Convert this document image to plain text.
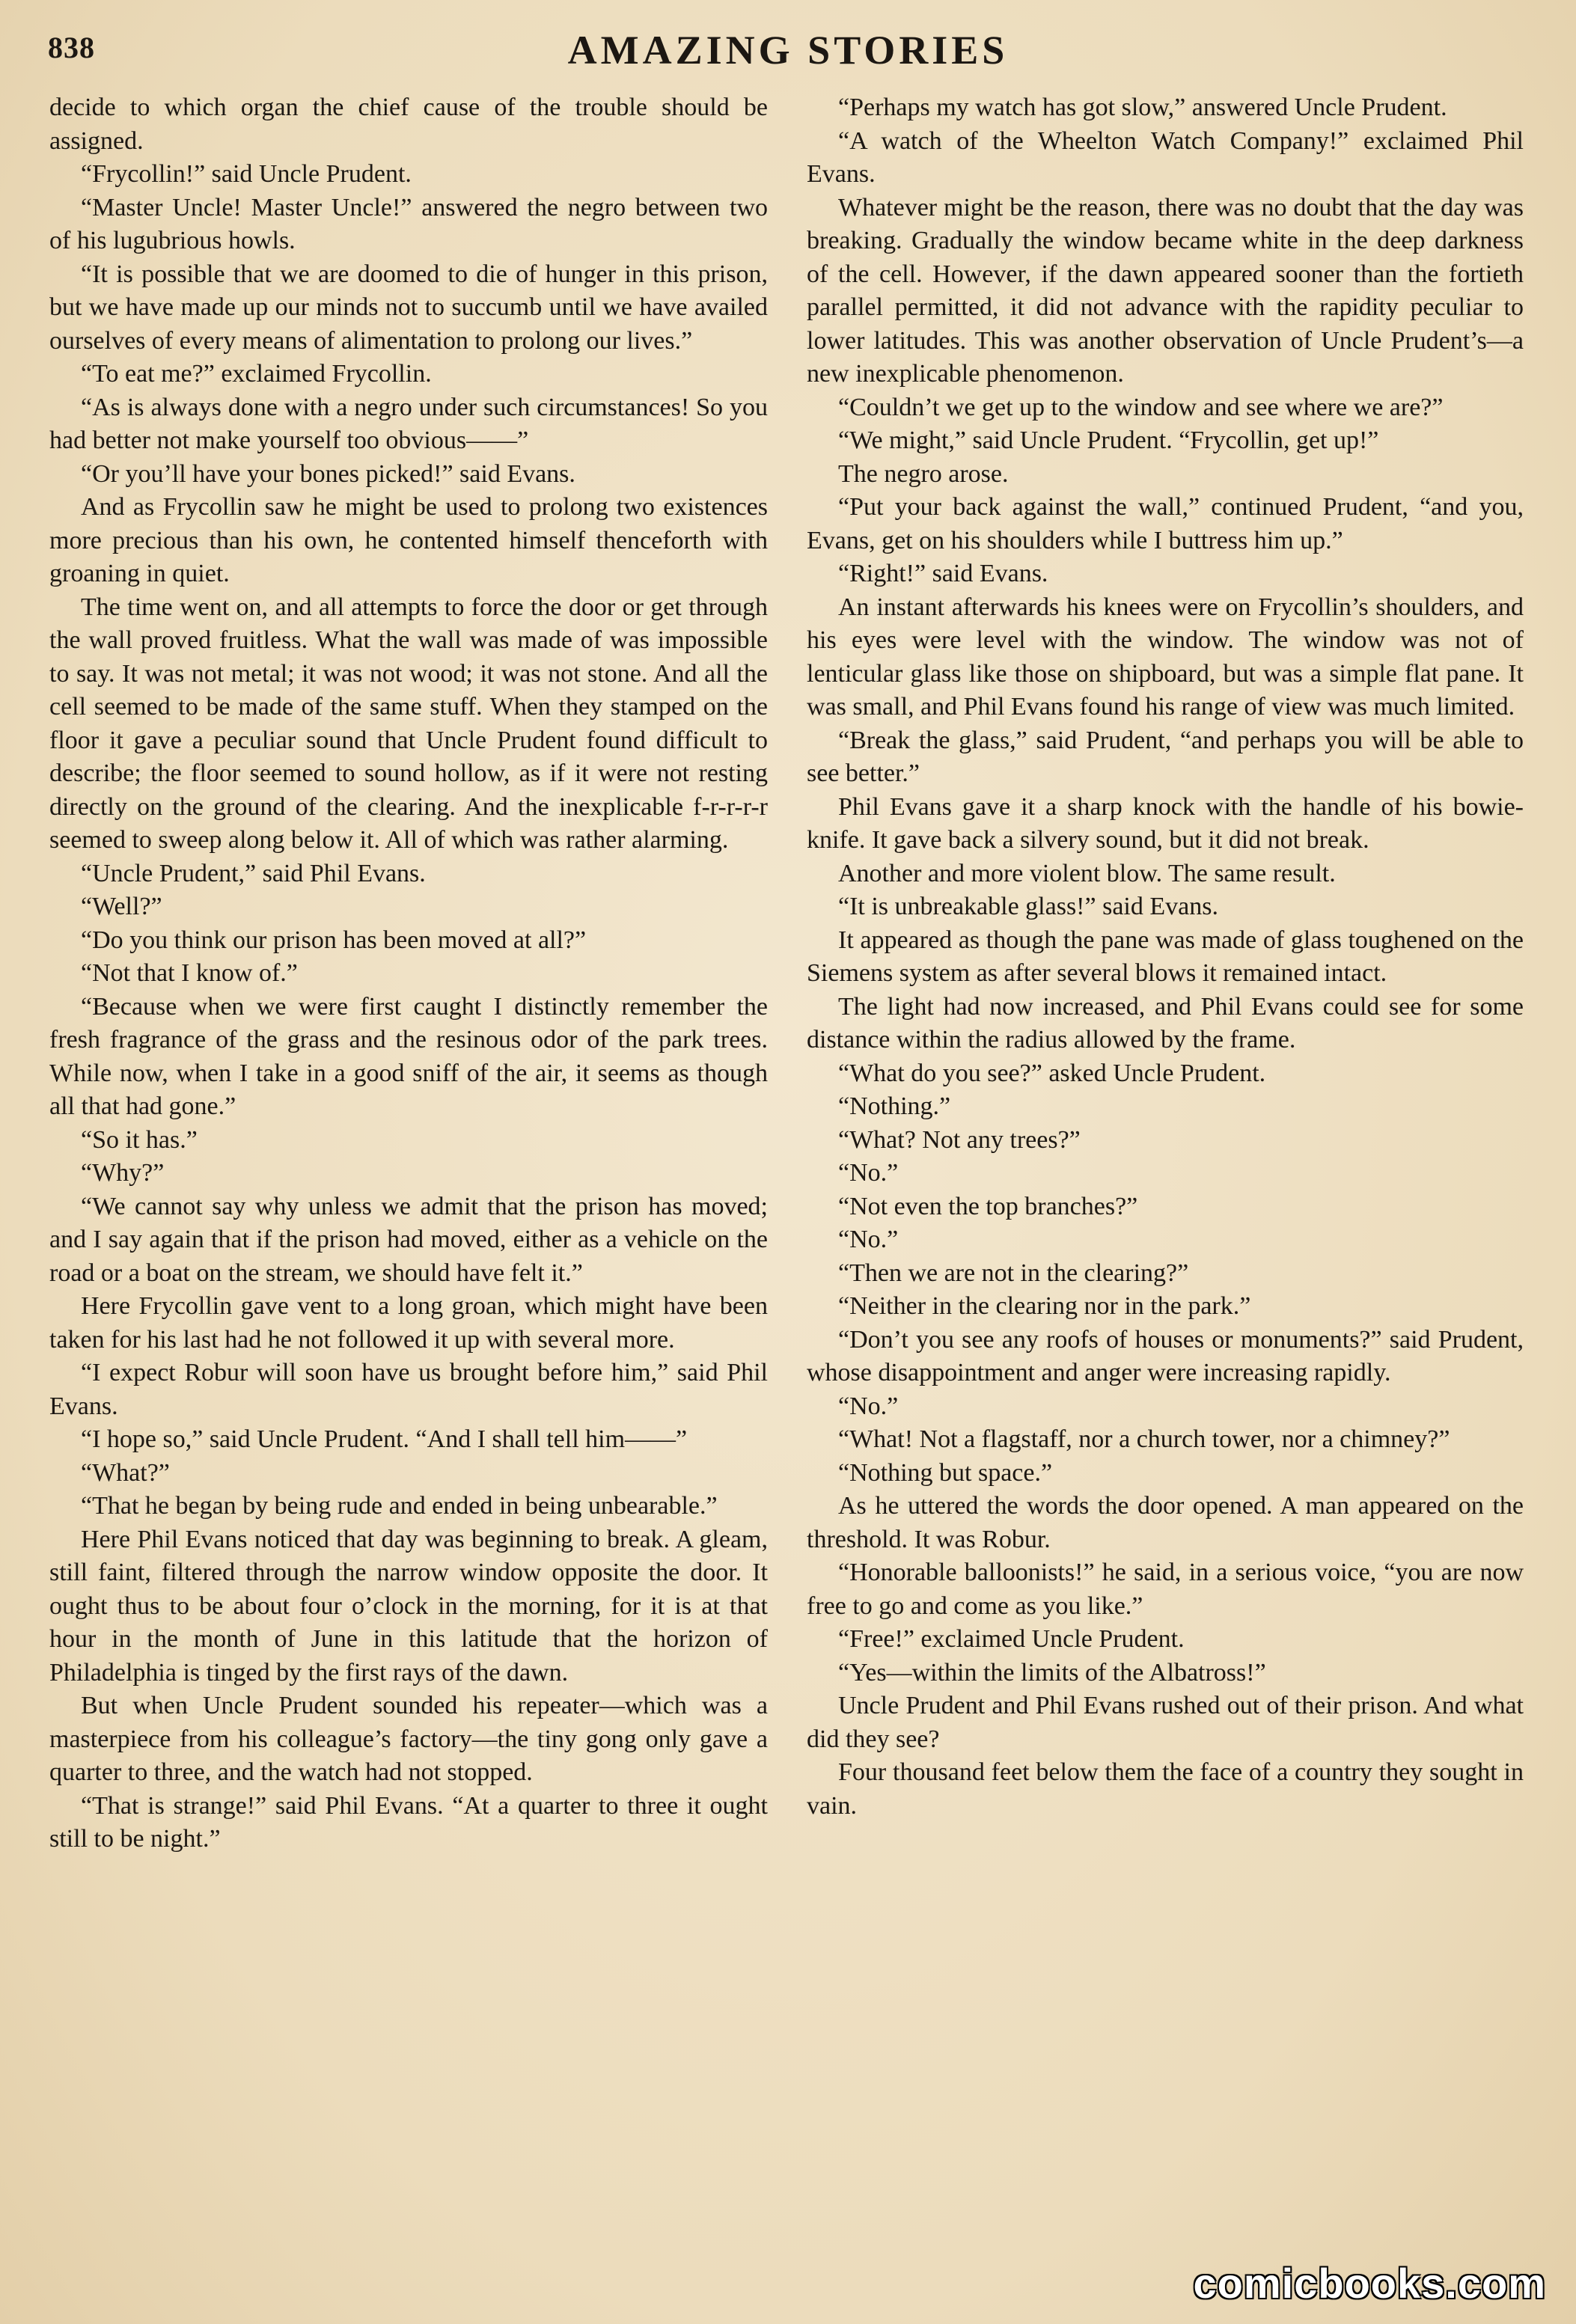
838	AMAZING STORIES

decide to which organ the chief cause of the trouble should be assigned.

“Frycollin!” said Uncle Prudent.

“Master Uncle! Master Uncle!” answered the negro between two of his lugubrious howls.

“It is possible that we are doomed to die of hunger in this prison, but we have made up our minds not to succumb until we have availed ourselves of every means of alimentation to prolong our lives.”

“To eat me?” exclaimed Frycollin.

“As is always done with a negro under such circumstances! So you had better not make yourself too obvious——”

“Or you’ll have your bones picked!” said Evans.

And as Frycollin saw he might be used to prolong two existences more precious than his own, he contented himself thenceforth with groaning in quiet.

The time went on, and all attempts to force the door or get through the wall proved fruitless. What the wall was made of was impossible to say. It was not metal; it was not wood; it was not stone. And all the cell seemed to be made of the same stuff. When they stamped on the floor it gave a peculiar sound that Uncle Prudent found difficult to describe; the floor seemed to sound hollow, as if it were not resting directly on the ground of the clearing. And the inexplicable f-r-r-r-r seemed to sweep along below it. All of which was rather alarming.

“Uncle Prudent,” said Phil Evans.

“Well?”

“Do you think our prison has been moved at all?”

“Not that I know of.”

“Because when we were first caught I distinctly remember the fresh fragrance of the grass and the resinous odor of the park trees. While now, when I take in a good sniff of the air, it seems as though all that had gone.”

“So it has.”

“Why?”

“We cannot say why unless we admit that the prison has moved; and I say again that if the prison had moved, either as a vehicle on the road or a boat on the stream, we should have felt it.”

Here Frycollin gave vent to a long groan, which might have been taken for his last had he not followed it up with several more.

“I expect Robur will soon have us brought before him,” said Phil Evans.

“I hope so,” said Uncle Prudent. “And I shall tell him——”

“What?”

“That he began by being rude and ended in being unbearable.”

Here Phil Evans noticed that day was beginning to break. A gleam, still faint, filtered through the narrow window opposite the door. It ought thus to be about four o’clock in the morning, for it is at that hour in the month of June in this latitude that the horizon of Philadelphia is tinged by the first rays of the dawn.

But when Uncle Prudent sounded his repeater—which was a masterpiece from his colleague’s factory—the tiny gong only gave a quarter to three, and the watch had not stopped.

“That is strange!” said Phil Evans. “At a quarter to three it ought still to be night.”

“Perhaps my watch has got slow,” answered Uncle Prudent.

“A watch of the Wheelton Watch Company!” exclaimed Phil Evans.

Whatever might be the reason, there was no doubt that the day was breaking. Gradually the window became white in the deep darkness of the cell. However, if the dawn appeared sooner than the fortieth parallel permitted, it did not advance with the rapidity peculiar to lower latitudes. This was another observation of Uncle Prudent’s—a new inexplicable phenomenon.

“Couldn’t we get up to the window and see where we are?”

“We might,” said Uncle Prudent. “Frycollin, get up!”

The negro arose.

“Put your back against the wall,” continued Prudent, “and you, Evans, get on his shoulders while I buttress him up.”

“Right!” said Evans.

An instant afterwards his knees were on Frycollin’s shoulders, and his eyes were level with the window. The window was not of lenticular glass like those on shipboard, but was a simple flat pane. It was small, and Phil Evans found his range of view was much limited.

“Break the glass,” said Prudent, “and perhaps you will be able to see better.”

Phil Evans gave it a sharp knock with the handle of his bowie-knife. It gave back a silvery sound, but it did not break.

Another and more violent blow. The same result.

“It is unbreakable glass!” said Evans.

It appeared as though the pane was made of glass toughened on the Siemens system as after several blows it remained intact.

The light had now increased, and Phil Evans could see for some distance within the radius allowed by the frame.

“What do you see?” asked Uncle Prudent.

“Nothing.”

“What? Not any trees?”

“No.”

“Not even the top branches?”

“No.”

“Then we are not in the clearing?”

“Neither in the clearing nor in the park.”

“Don’t you see any roofs of houses or monuments?” said Prudent, whose disappointment and anger were increasing rapidly.

“No.”

“What! Not a flagstaff, nor a church tower, nor a chimney?”

“Nothing but space.”

As he uttered the words the door opened. A man appeared on the threshold. It was Robur.

“Honorable balloonists!” he said, in a serious voice, “you are now free to go and come as you like.”

“Free!” exclaimed Uncle Prudent.

“Yes—within the limits of the Albatross!”

Uncle Prudent and Phil Evans rushed out of their prison. And what did they see?

Four thousand feet below them the face of a country they sought in vain.

comicbooks.com
